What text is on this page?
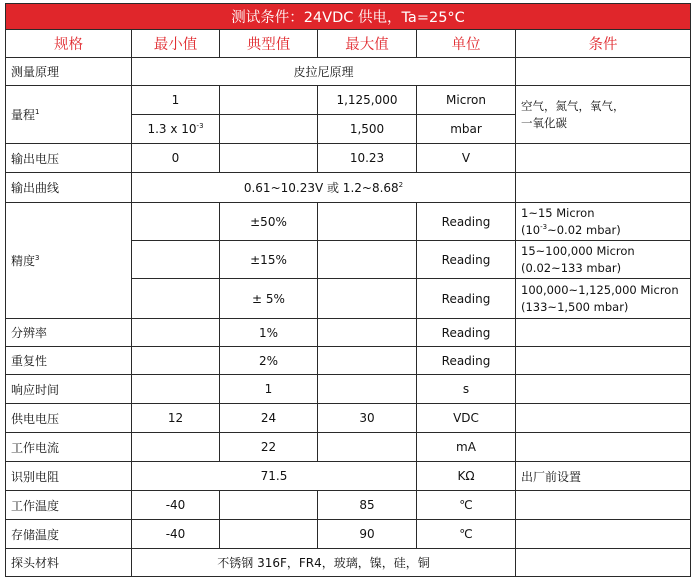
测试条件：24VDC 供电，Ta=25°C					
规格	最小值	典型值	最大值	单位	条件
测量原理	皮拉尼原理				
量程$^1$	1		1,125,000	Micron	空气，氮气，氧气，
一氧化碳

	1.3 x $10^{-3}$		1,500	mbar	
输出电压	0		10.23	V	
输出曲线	0.61~10.23V 或 1.2~8.68$^2$	
精度$^3$		±50%		Reading	1~15 Micron
($10^{-3}\sim 0.02$ mbar)

		±15%		Reading	15~100,000 Micron
(0.02~133 mbar)

		± 5%		Reading	100,000~1,125,000 Micron
(133~1,500 mbar)

分辨率		1%		Reading	
重复性		2%		Reading	
响应时间		1		s	
供电电压	12	24	30	VDC	
工作电流		22		mA	
识别电阻	71.5			KΩ	出厂前设置
工作温度	-40		85	℃	
存储温度	-40		90	℃	
探头材料	不锈钢 316F，FR4，玻璃，镍，硅，铜				
